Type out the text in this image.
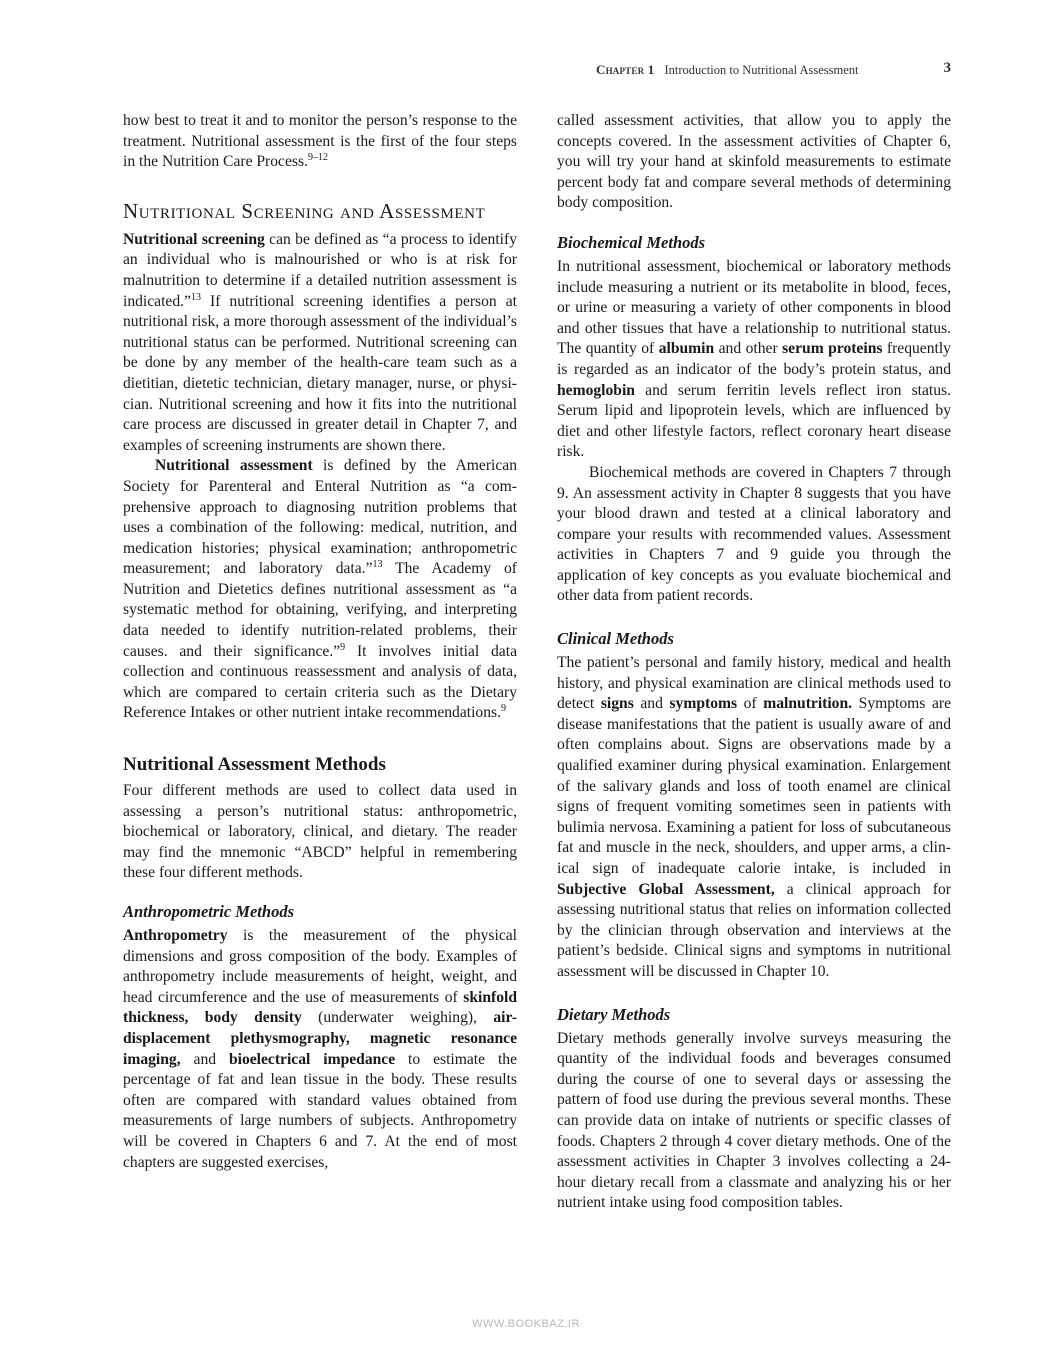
Chapter 1 Introduction to Nutritional Assessment	3

how best to treat it and to monitor the person’s response to the treatment. Nutritional assessment is the first of the four steps in the Nutrition Care Process.$^{9-12}$

Nutritional Screening and Assessment

Nutritional screening can be defined as “a process to identify an individual who is malnourished or who is at risk for malnutrition to determine if a detailed nutrition assessment is indicated.”$^{13}$ If nutritional screening identifies a person at nutritional risk, a more thorough assessment of the individual’s nutritional status can be performed. Nutritional screening can be done by any member of the health-care team such as a dietitian, dietetic technician, dietary manager, nurse, or physician. Nutritional screening and how it fits into the nutritional care process are discussed in greater detail in Chapter 7, and examples of screening instruments are shown there.

Nutritional assessment is defined by the American Society for Parenteral and Enteral Nutrition as “a comprehensive approach to diagnosing nutrition problems that uses a combination of the following: medical, nutrition, and medication histories; physical examination; anthropometric measurement; and laboratory data.”$^{13}$ The Academy of Nutrition and Dietetics defines nutritional assessment as “a systematic method for obtaining, verifying, and interpreting data needed to identify nutrition-related problems, their causes. and their significance.”$^9$ It involves initial data collection and continuous reassessment and analysis of data, which are compared to certain criteria such as the Dietary Reference Intakes or other nutrient intake recommendations.$^9$

Nutritional Assessment Methods

Four different methods are used to collect data used in assessing a person’s nutritional status: anthropometric, biochemical or laboratory, clinical, and dietary. The reader may find the mnemonic “ABCD” helpful in remembering these four different methods.

Anthropometric Methods

Anthropometry is the measurement of the physical dimensions and gross composition of the body. Examples of anthropometry include measurements of height, weight, and head circumference and the use of measurements of skinfold thickness, body density (underwater weighing), air-displacement plethysmography, magnetic resonance imaging, and bioelectrical impedance to estimate the percentage of fat and lean tissue in the body. These results often are compared with standard values obtained from measurements of large numbers of subjects. Anthropometry will be covered in Chapters 6 and 7. At the end of most chapters are suggested exercises,

called assessment activities, that allow you to apply the concepts covered. In the assessment activities of Chapter 6, you will try your hand at skinfold measurements to estimate percent body fat and compare several methods of determining body composition.

Biochemical Methods

In nutritional assessment, biochemical or laboratory methods include measuring a nutrient or its metabolite in blood, feces, or urine or measuring a variety of other components in blood and other tissues that have a relationship to nutritional status. The quantity of albumin and other serum proteins frequently is regarded as an indicator of the body’s protein status, and hemoglobin and serum ferritin levels reflect iron status. Serum lipid and lipoprotein levels, which are influenced by diet and other lifestyle factors, reflect coronary heart disease risk.

Biochemical methods are covered in Chapters 7 through 9. An assessment activity in Chapter 8 suggests that you have your blood drawn and tested at a clinical laboratory and compare your results with recommended values. Assessment activities in Chapters 7 and 9 guide you through the application of key concepts as you evaluate biochemical and other data from patient records.

Clinical Methods

The patient’s personal and family history, medical and health history, and physical examination are clinical methods used to detect signs and symptoms of malnutrition. Symptoms are disease manifestations that the patient is usually aware of and often complains about. Signs are observations made by a qualified examiner during physical examination. Enlargement of the salivary glands and loss of tooth enamel are clinical signs of frequent vomiting sometimes seen in patients with bulimia nervosa. Examining a patient for loss of subcutaneous fat and muscle in the neck, shoulders, and upper arms, a clinical sign of inadequate calorie intake, is included in Subjective Global Assessment, a clinical approach for assessing nutritional status that relies on information collected by the clinician through observation and interviews at the patient’s bedside. Clinical signs and symptoms in nutritional assessment will be discussed in Chapter 10.

Dietary Methods

Dietary methods generally involve surveys measuring the quantity of the individual foods and beverages consumed during the course of one to several days or assessing the pattern of food use during the previous several months. These can provide data on intake of nutrients or specific classes of foods. Chapters 2 through 4 cover dietary methods. One of the assessment activities in Chapter 3 involves collecting a 24-hour dietary recall from a classmate and analyzing his or her nutrient intake using food composition tables.

WWW.BOOKBAZ.IR
